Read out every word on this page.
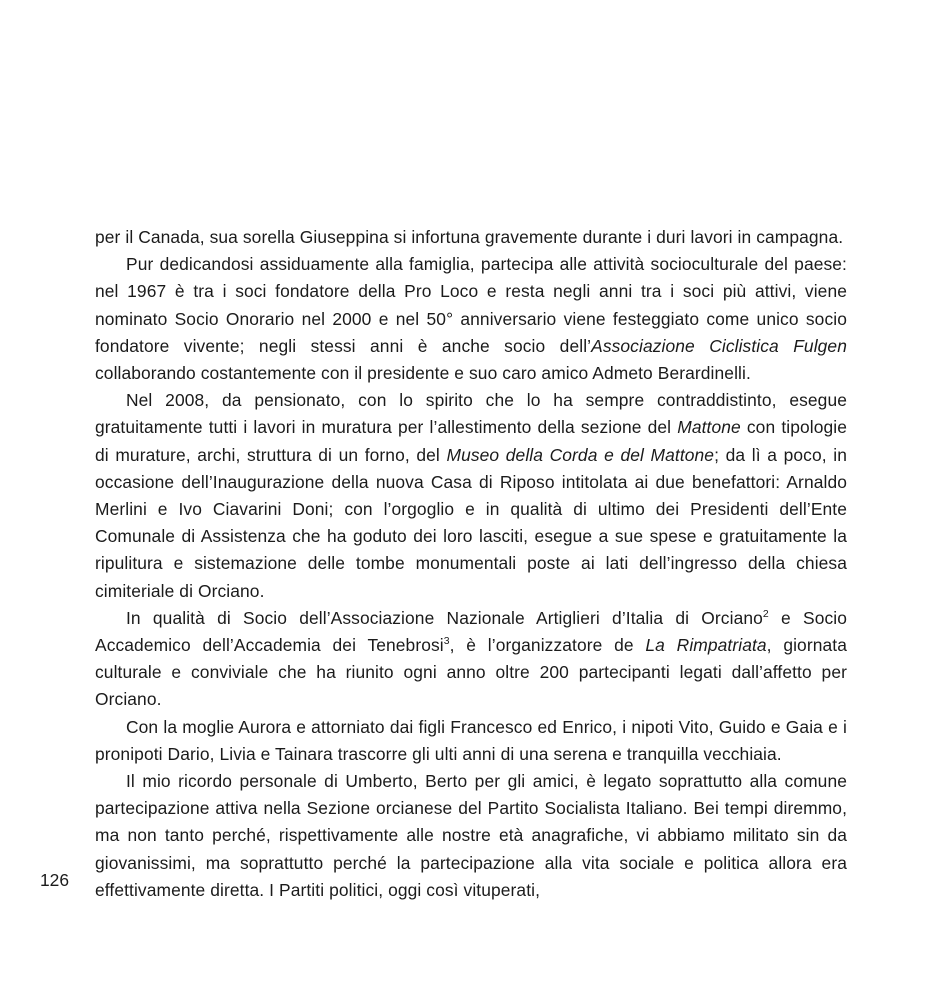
126

per il Canada, sua sorella Giuseppina si infortuna gravemente durante i duri lavori in campagna.

Pur dedicandosi assiduamente alla famiglia, partecipa alle attività socioculturale del paese: nel 1967 è tra i soci fondatore della Pro Loco e resta negli anni tra i soci più attivi, viene nominato Socio Onorario nel 2000 e nel 50° anniversario viene festeggiato come unico socio fondatore vivente; negli stessi anni è anche socio dell’Associazione Ciclistica Fulgen collaborando costantemente con il presidente e suo caro amico Admeto Berardinelli.

Nel 2008, da pensionato, con lo spirito che lo ha sempre contraddistinto, esegue gratuitamente tutti i lavori in muratura per l’allestimento della sezione del Mattone con tipologie di murature, archi, struttura di un forno, del Museo della Corda e del Mattone; da lì a poco, in occasione dell’Inaugurazione della nuova Casa di Riposo intitolata ai due benefattori: Arnaldo Merlini e Ivo Ciavarini Doni; con l’orgoglio e in qualità di ultimo dei Presidenti dell’Ente Comunale di Assistenza che ha goduto dei loro lasciti, esegue a sue spese e gratuitamente la ripulitura e sistemazione delle tombe monumentali poste ai lati dell’ingresso della chiesa cimiteriale di Orciano.

In qualità di Socio dell’Associazione Nazionale Artiglieri d’Italia di Orciano$^2$ e Socio Accademico dell’Accademia dei Tenebrosi$^3$, è l’organizzatore de La Rimpatriata, giornata culturale e conviviale che ha riunito ogni anno oltre 200 partecipanti legati dall’affetto per Orciano.

Con la moglie Aurora e attorniato dai figli Francesco ed Enrico, i nipoti Vito, Guido e Gaia e i pronipoti Dario, Livia e Tainara trascorre gli ulti anni di una serena e tranquilla vecchiaia.

Il mio ricordo personale di Umberto, Berto per gli amici, è legato soprattutto alla comune partecipazione attiva nella Sezione orcianese del Partito Socialista Italiano. Bei tempi diremmo, ma non tanto perché, rispettivamente alle nostre età anagrafiche, vi abbiamo militato sin da giovanissimi, ma soprattutto perché la partecipazione alla vita sociale e politica allora era effettivamente diretta. I Partiti politici, oggi così vituperati,
